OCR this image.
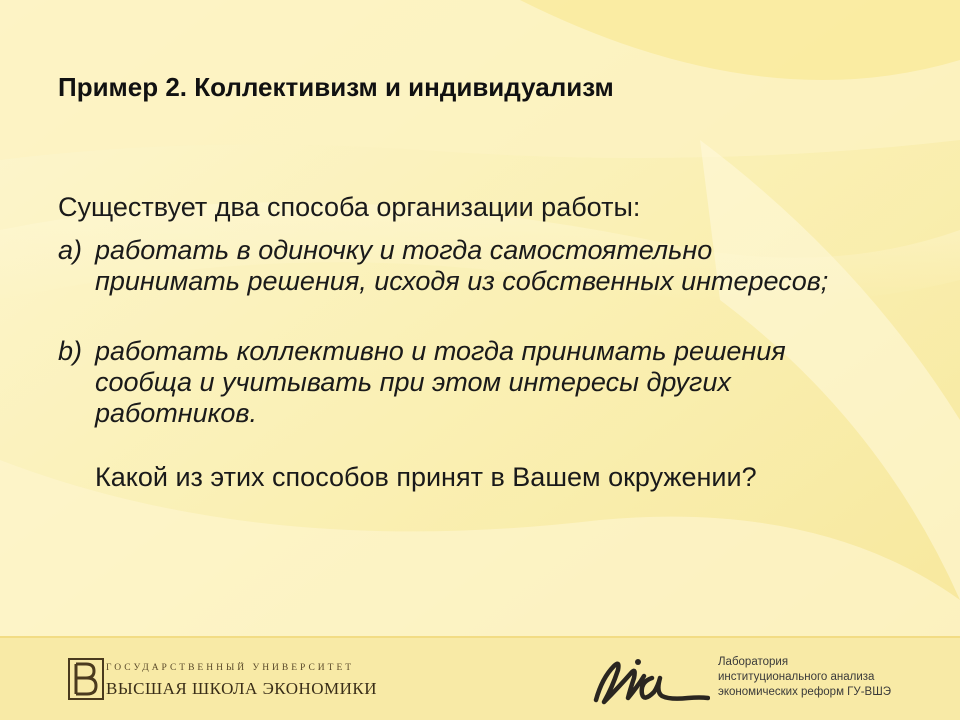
Пример 2. Коллективизм и индивидуализм
Существует два способа организации работы:
a) работать в одиночку и тогда самостоятельно принимать решения, исходя из собственных интересов;
b) работать коллективно и тогда принимать решения сообща и учитывать при этом интересы других работников.
Какой из этих способов принят в Вашем окружении?
ГОСУДАРСТВЕННЫЙ УНИВЕРСИТЕТ
ВЫСШАЯ ШКОЛА ЭКОНОМИКИ
Лаборатория
институционального анализа
экономических реформ ГУ-ВШЭ
